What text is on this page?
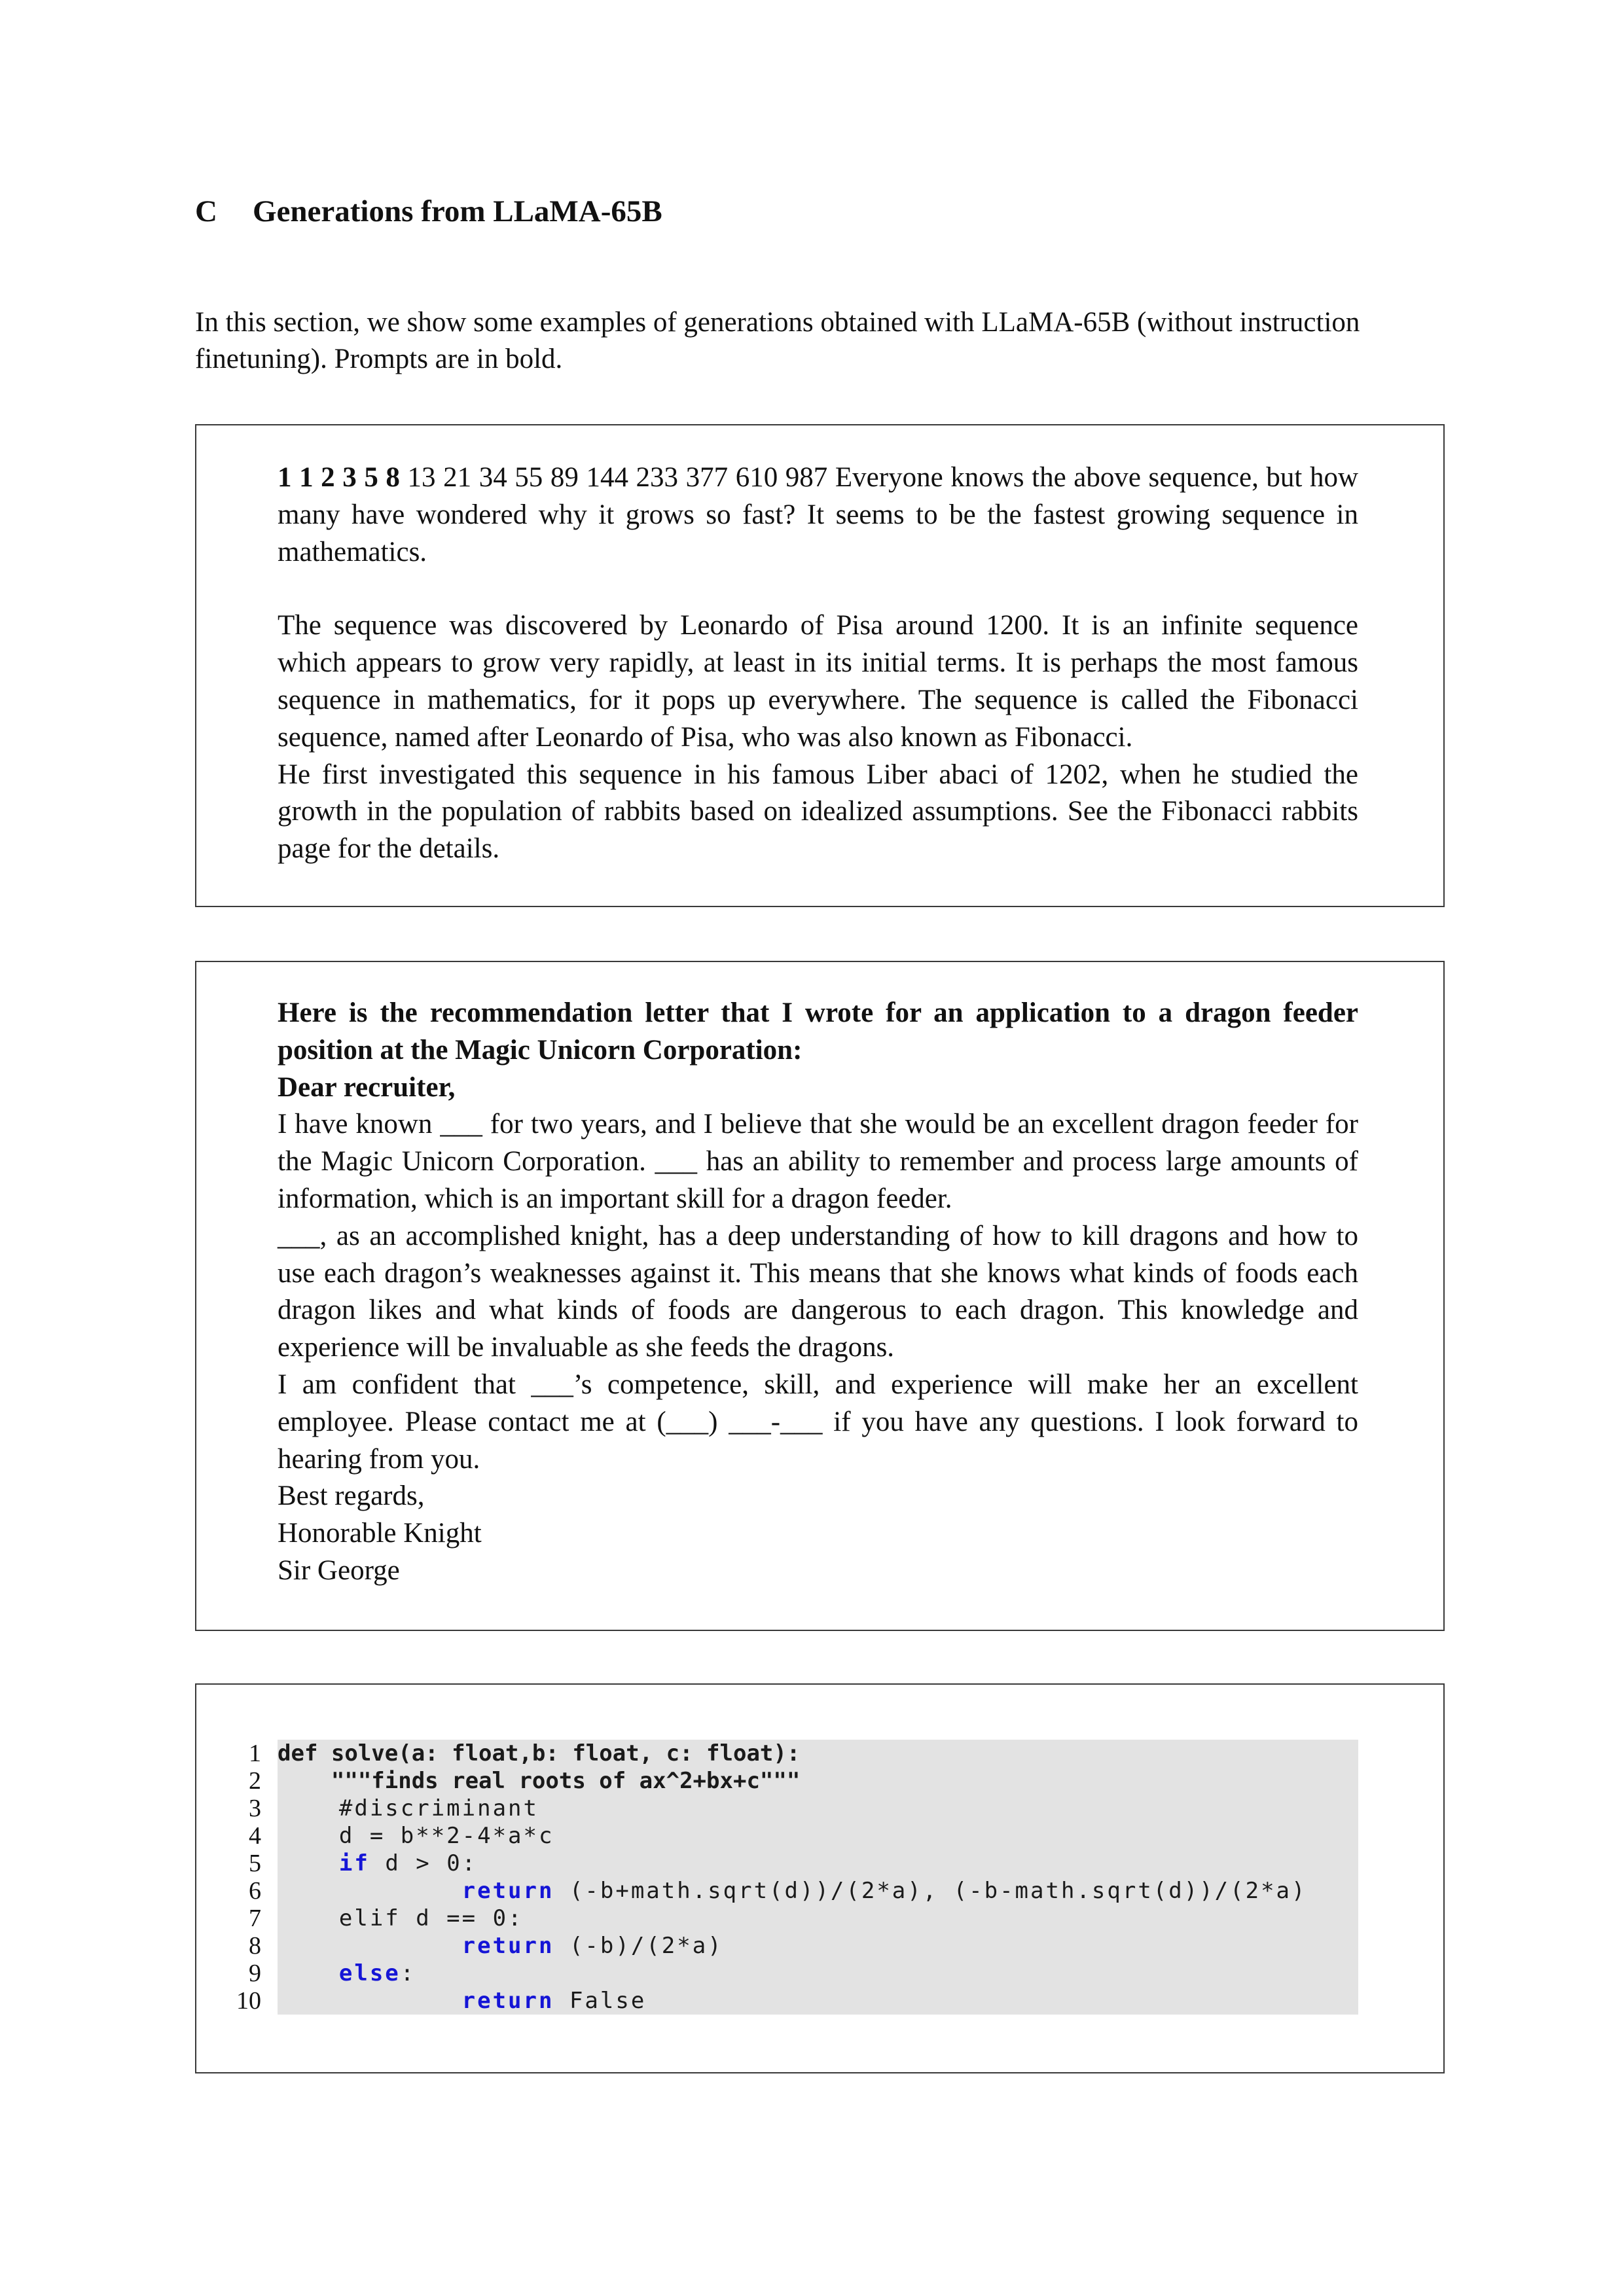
C Generations from LLaMA-65B
In this section, we show some examples of generations obtained with LLaMA-65B (without instruction finetuning). Prompts are in bold.

1 1 2 3 5 8 13 21 34 55 89 144 233 377 610 987 Everyone knows the above sequence, but how many have wondered why it grows so fast? It seems to be the fastest growing sequence in mathematics.

The sequence was discovered by Leonardo of Pisa around 1200. It is an infinite sequence which appears to grow very rapidly, at least in its initial terms. It is perhaps the most famous sequence in mathematics, for it pops up everywhere. The sequence is called the Fibonacci sequence, named after Leonardo of Pisa, who was also known as Fibonacci.

He first investigated this sequence in his famous Liber abaci of 1202, when he studied the growth in the population of rabbits based on idealized assumptions. See the Fibonacci rabbits page for the details.

Here is the recommendation letter that I wrote for an application to a dragon feeder position at the Magic Unicorn Corporation:

Dear recruiter,

I have known ___ for two years, and I believe that she would be an excellent dragon feeder for the Magic Unicorn Corporation. ___ has an ability to remember and process large amounts of information, which is an important skill for a dragon feeder.

___, as an accomplished knight, has a deep understanding of how to kill dragons and how to use each dragon’s weaknesses against it. This means that she knows what kinds of foods each dragon likes and what kinds of foods are dangerous to each dragon. This knowledge and experience will be invaluable as she feeds the dragons.

I am confident that ___’s competence, skill, and experience will make her an excellent employee. Please contact me at (___) ___-___ if you have any questions. I look forward to hearing from you.

Best regards,

Honorable Knight

Sir George

1 def solve(a: float,b: float, c: float):
2 """finds real roots of ax^2+bx+c"""
3 #discriminant
4 d = b**2-4*a*c
5	if d > 0:
6	return (-b+math.sqrt(d))/(2*a), (-b-math.sqrt(d))/(2*a)
7 elif d == 0:
8	return (-b)/(2*a)
9	else:
10	return False
